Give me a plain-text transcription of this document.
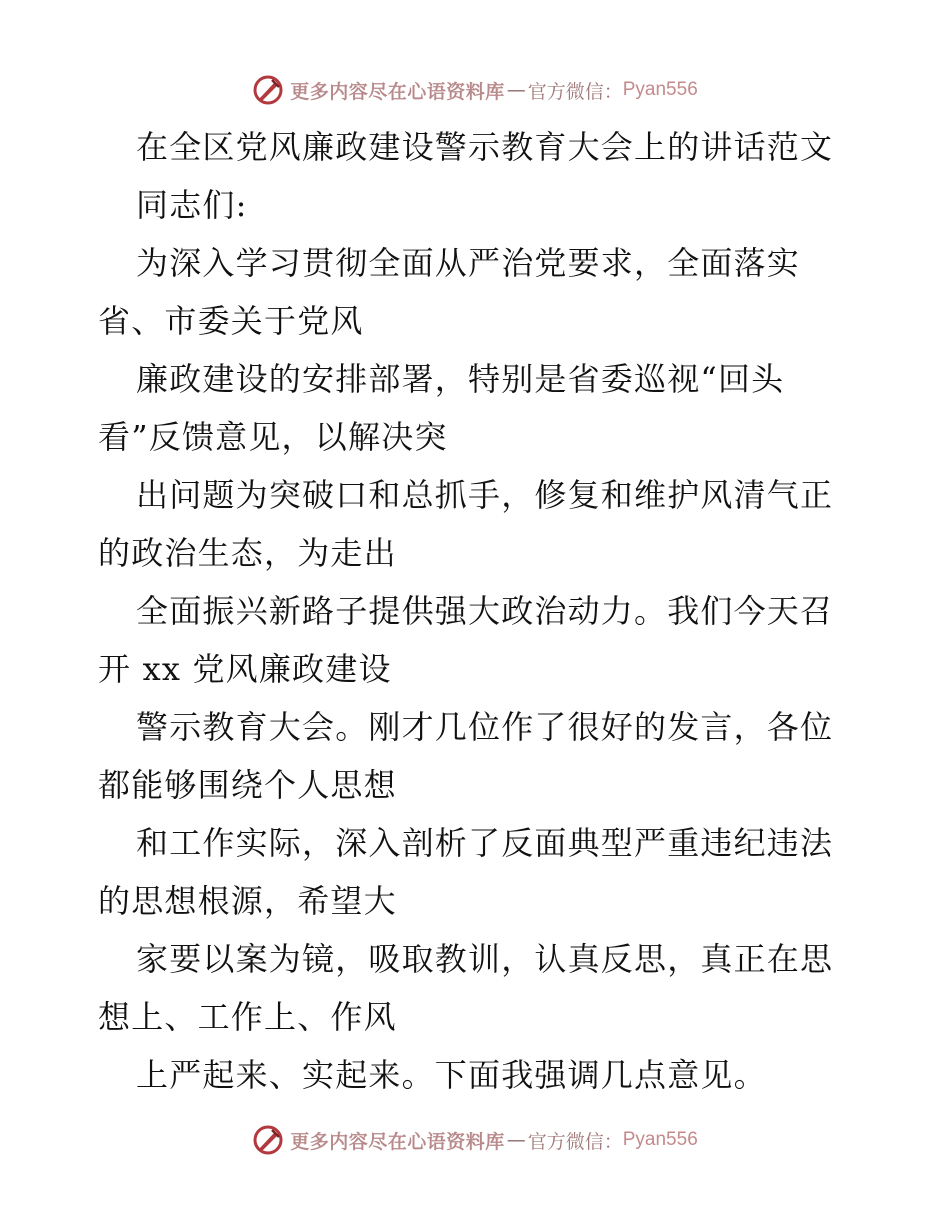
更多内容尽在心语资料库 — 官方微信： Pyan556
在全区党风廉政建设警示教育大会上的讲话范文
同志们:
为深入学习贯彻全面从严治党要求，全面落实
省、市委关于党风
廉政建设的安排部署，特别是省委巡视“回头
看”反馈意见，以解决突
出问题为突破口和总抓手，修复和维护风清气正
的政治生态，为走出
全面振兴新路子提供强大政治动力。我们今天召
开 xx 党风廉政建设
警示教育大会。刚才几位作了很好的发言，各位
都能够围绕个人思想
和工作实际，深入剖析了反面典型严重违纪违法
的思想根源，希望大
家要以案为镜，吸取教训，认真反思，真正在思
想上、工作上、作风
上严起来、实起来。下面我强调几点意见。
更多内容尽在心语资料库 — 官方微信： Pyan556
